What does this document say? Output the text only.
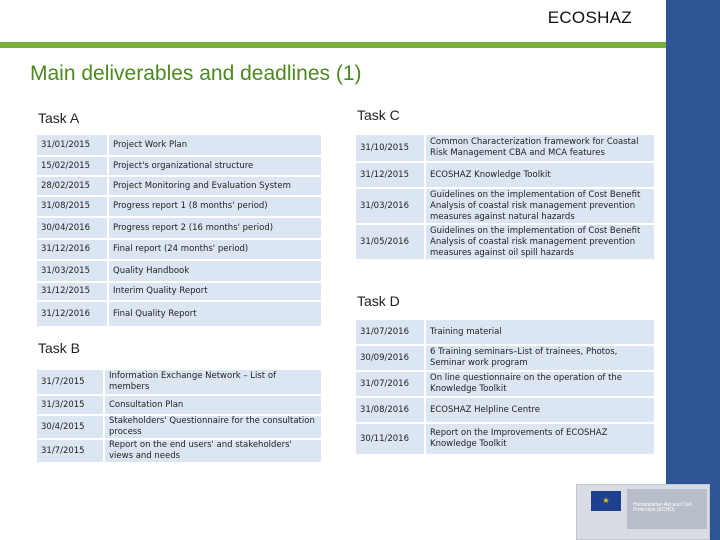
ECOSHAZ
Main deliverables and deadlines (1)
Task A
31/01/2015		Project Work Plan
15/02/2015		Project's organizational structure
28/02/2015		Project Monitoring and Evaluation System
31/08/2015		Progress report 1 (8 months' period)
30/04/2016		Progress report 2 (16 months' period)
31/12/2016		Final report (24 months' period)
31/03/2015		Quality Handbook
31/12/2015		Interim Quality Report
31/12/2016		Final Quality Report
Task B
31/7/2015		Information Exchange Network – List of members
31/3/2015		Consultation Plan
30/4/2015		Stakeholders' Questionnaire for the consultation process
31/7/2015		Report on the end users' and stakeholders' views and needs
Task C
31/10/2015		Common Characterization framework for Coastal Risk Management CBA and MCA features
31/12/2015		ECOSHAZ Knowledge Toolkit
31/03/2016		Guidelines on the implementation of Cost Benefit Analysis of coastal risk management prevention measures against natural hazards
31/05/2016		Guidelines on the implementation of Cost Benefit Analysis of coastal risk management prevention measures against oil spill hazards
Task D
31/07/2016		Training material
30/09/2016		6 Training seminars–List of trainees, Photos, Seminar work program
31/07/2016		On line questionnaire on the operation of the Knowledge Toolkit
31/08/2016		ECOSHAZ Helpline Centre
30/11/2016		Report on the Improvements of ECOSHAZ Knowledge Toolkit
★	Humanitarian Aid and Civil Protection (ECHO)
